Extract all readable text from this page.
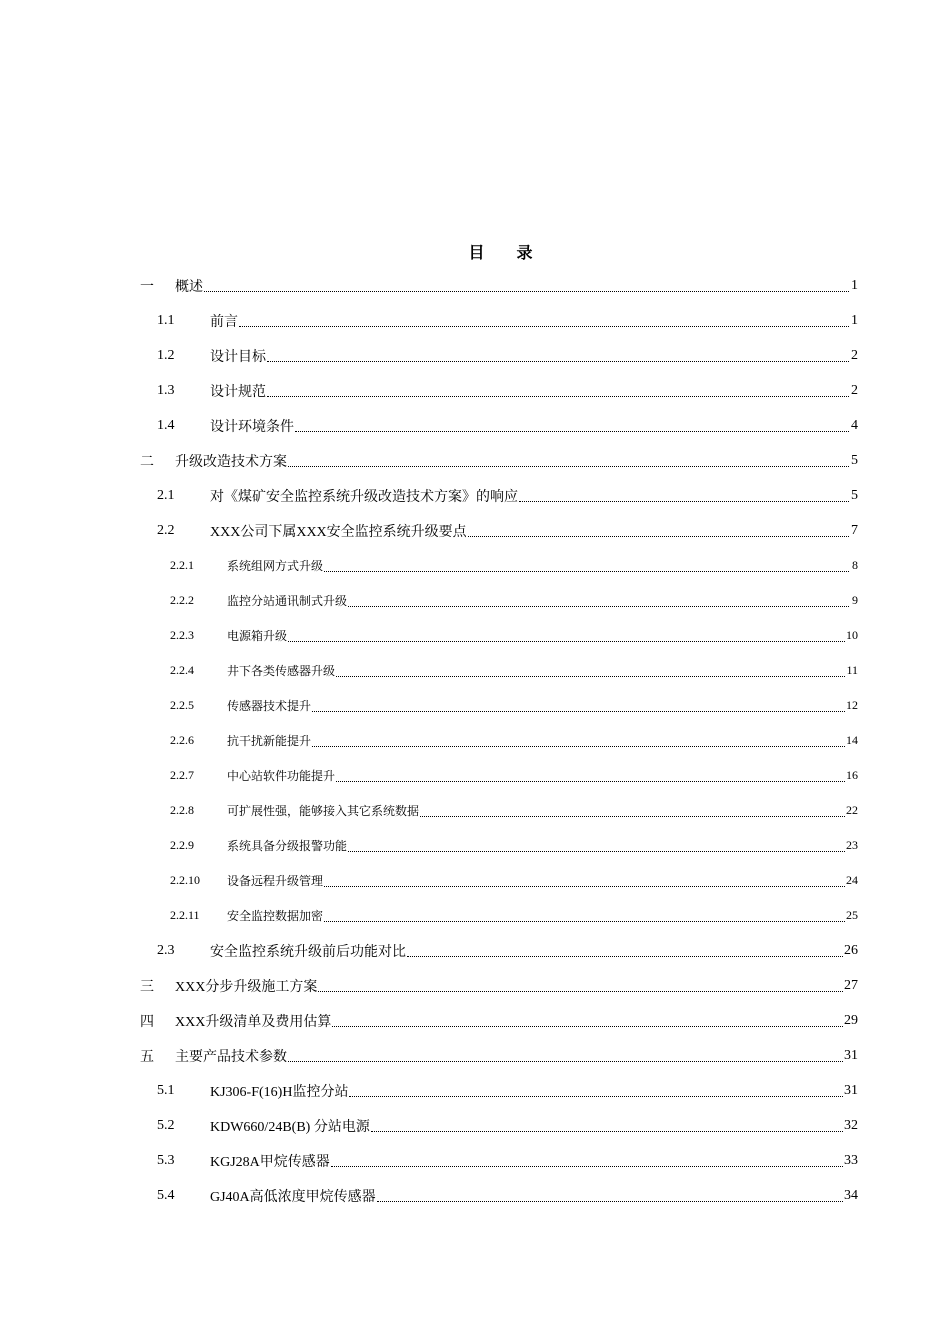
目 录
一	概述	1
1.1	前言	1
1.2	设计目标	2
1.3	设计规范	2
1.4	设计环境条件	4
二	升级改造技术方案	5
2.1	对《煤矿安全监控系统升级改造技术方案》的响应	5
2.2	XXX公司下属XXX安全监控系统升级要点	7
2.2.1	系统组网方式升级	8
2.2.2	监控分站通讯制式升级	9
2.2.3	电源箱升级	10
2.2.4	井下各类传感器升级	11
2.2.5	传感器技术提升	12
2.2.6	抗干扰新能提升	14
2.2.7	中心站软件功能提升	16
2.2.8	可扩展性强，能够接入其它系统数据	22
2.2.9	系统具备分级报警功能	23
2.2.10	设备远程升级管理	24
2.2.11	安全监控数据加密	25
2.3	安全监控系统升级前后功能对比	26
三	XXX分步升级施工方案	27
四	XXX升级清单及费用估算	29
五	主要产品技术参数	31
5.1	KJ306-F(16)H监控分站	31
5.2	KDW660/24B(B) 分站电源	32
5.3	KGJ28A甲烷传感器	33
5.4	GJ40A高低浓度甲烷传感器	34
